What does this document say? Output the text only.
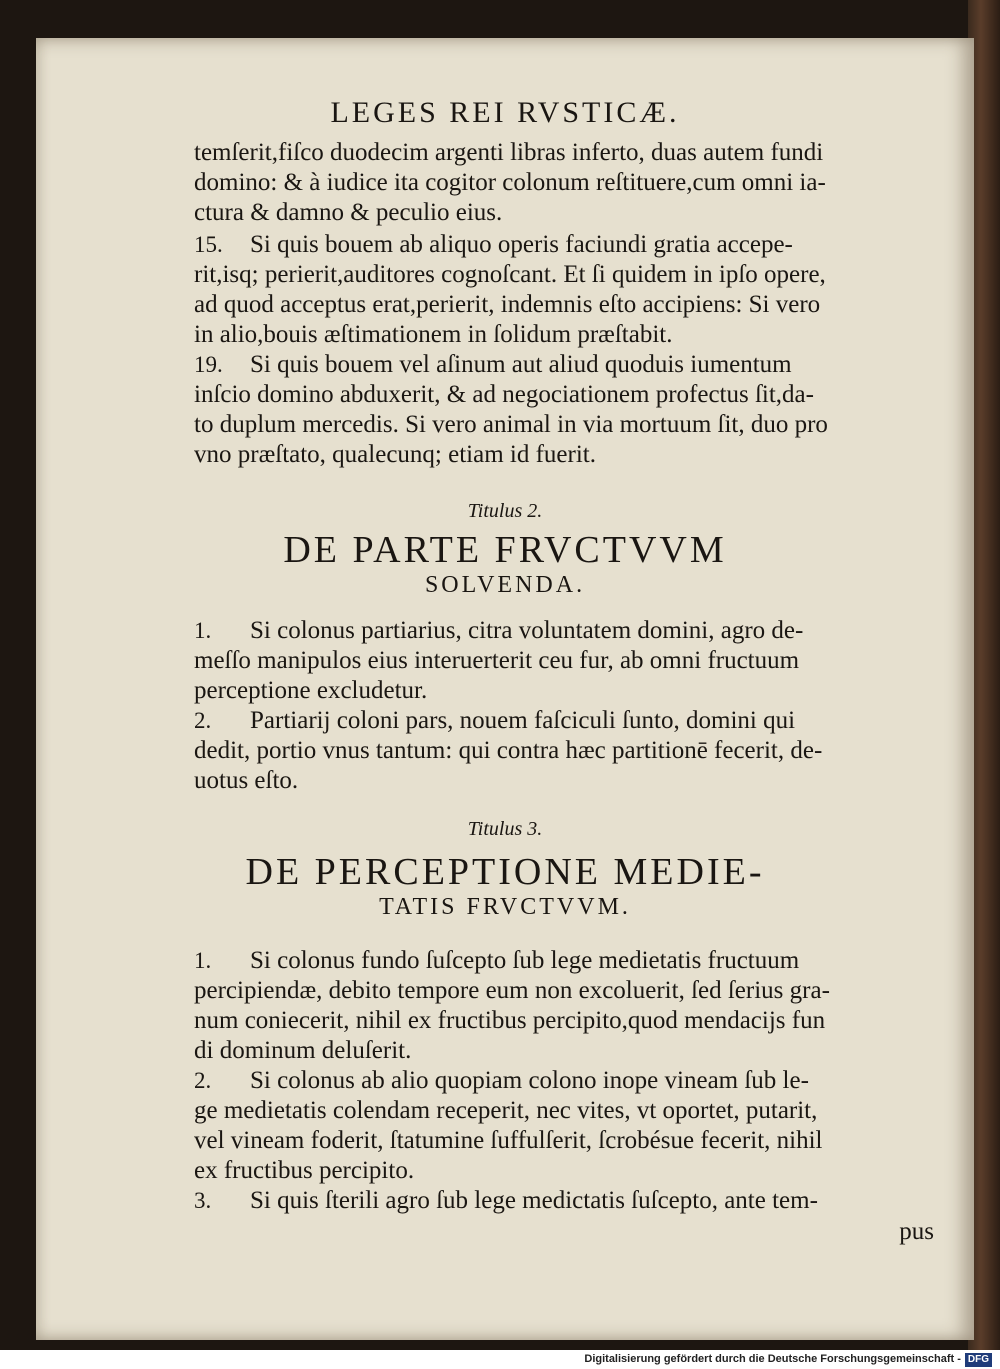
LEGES REI RVSTICÆ.
temſerit,fiſco duodecim argenti libras inferto, duas autem fundi
domino: & à iudice ita cogitor colonum reſtituere,cum omni ia-
ctura & damno & peculio eius.
15. Si quis bouem ab aliquo operis faciundi gratia accepe-
rit,isq; perierit,auditores cognoſcant. Et ſi quidem in ipſo opere,
ad quod acceptus erat,perierit, indemnis eſto accipiens: Si vero
in alio,bouis æſtimationem in ſolidum præſtabit.
19. Si quis bouem vel aſinum aut aliud quoduis iumentum
inſcio domino abduxerit, & ad negociationem profectus ſit,da-
to duplum mercedis. Si vero animal in via mortuum ſit, duo pro
vno præſtato, qualecunq; etiam id fuerit.
Titulus 2.
DE PARTE FRVCTVVM
SOLVENDA.
1. Si colonus partiarius, citra voluntatem domini, agro de-
meſſo manipulos eius interuerterit ceu fur, ab omni fructuum
perceptione excludetur.
2. Partiarij coloni pars, nouem faſciculi ſunto, domini qui
dedit, portio vnus tantum: qui contra hæc partitionē fecerit, de-
uotus eſto.
Titulus 3.
DE PERCEPTIONE MEDIE-
TATIS FRVCTVVM.
1. Si colonus fundo ſuſcepto ſub lege medietatis fructuum
percipiendæ, debito tempore eum non excoluerit, ſed ſerius gra-
num coniecerit, nihil ex fructibus percipito,quod mendacijs fun
di dominum deluſerit.
2. Si colonus ab alio quopiam colono inope vineam ſub le-
ge medietatis colendam receperit, nec vites, vt oportet, putarit,
vel vineam foderit, ſtatumine ſuffulſerit, ſcrobésue fecerit, nihil
ex fructibus percipito.
3. Si quis ſterili agro ſub lege medictatis ſuſcepto, ante tem-
pus
Digitalisierung gefördert durch die Deutsche Forschungsgemeinschaft - DFG
